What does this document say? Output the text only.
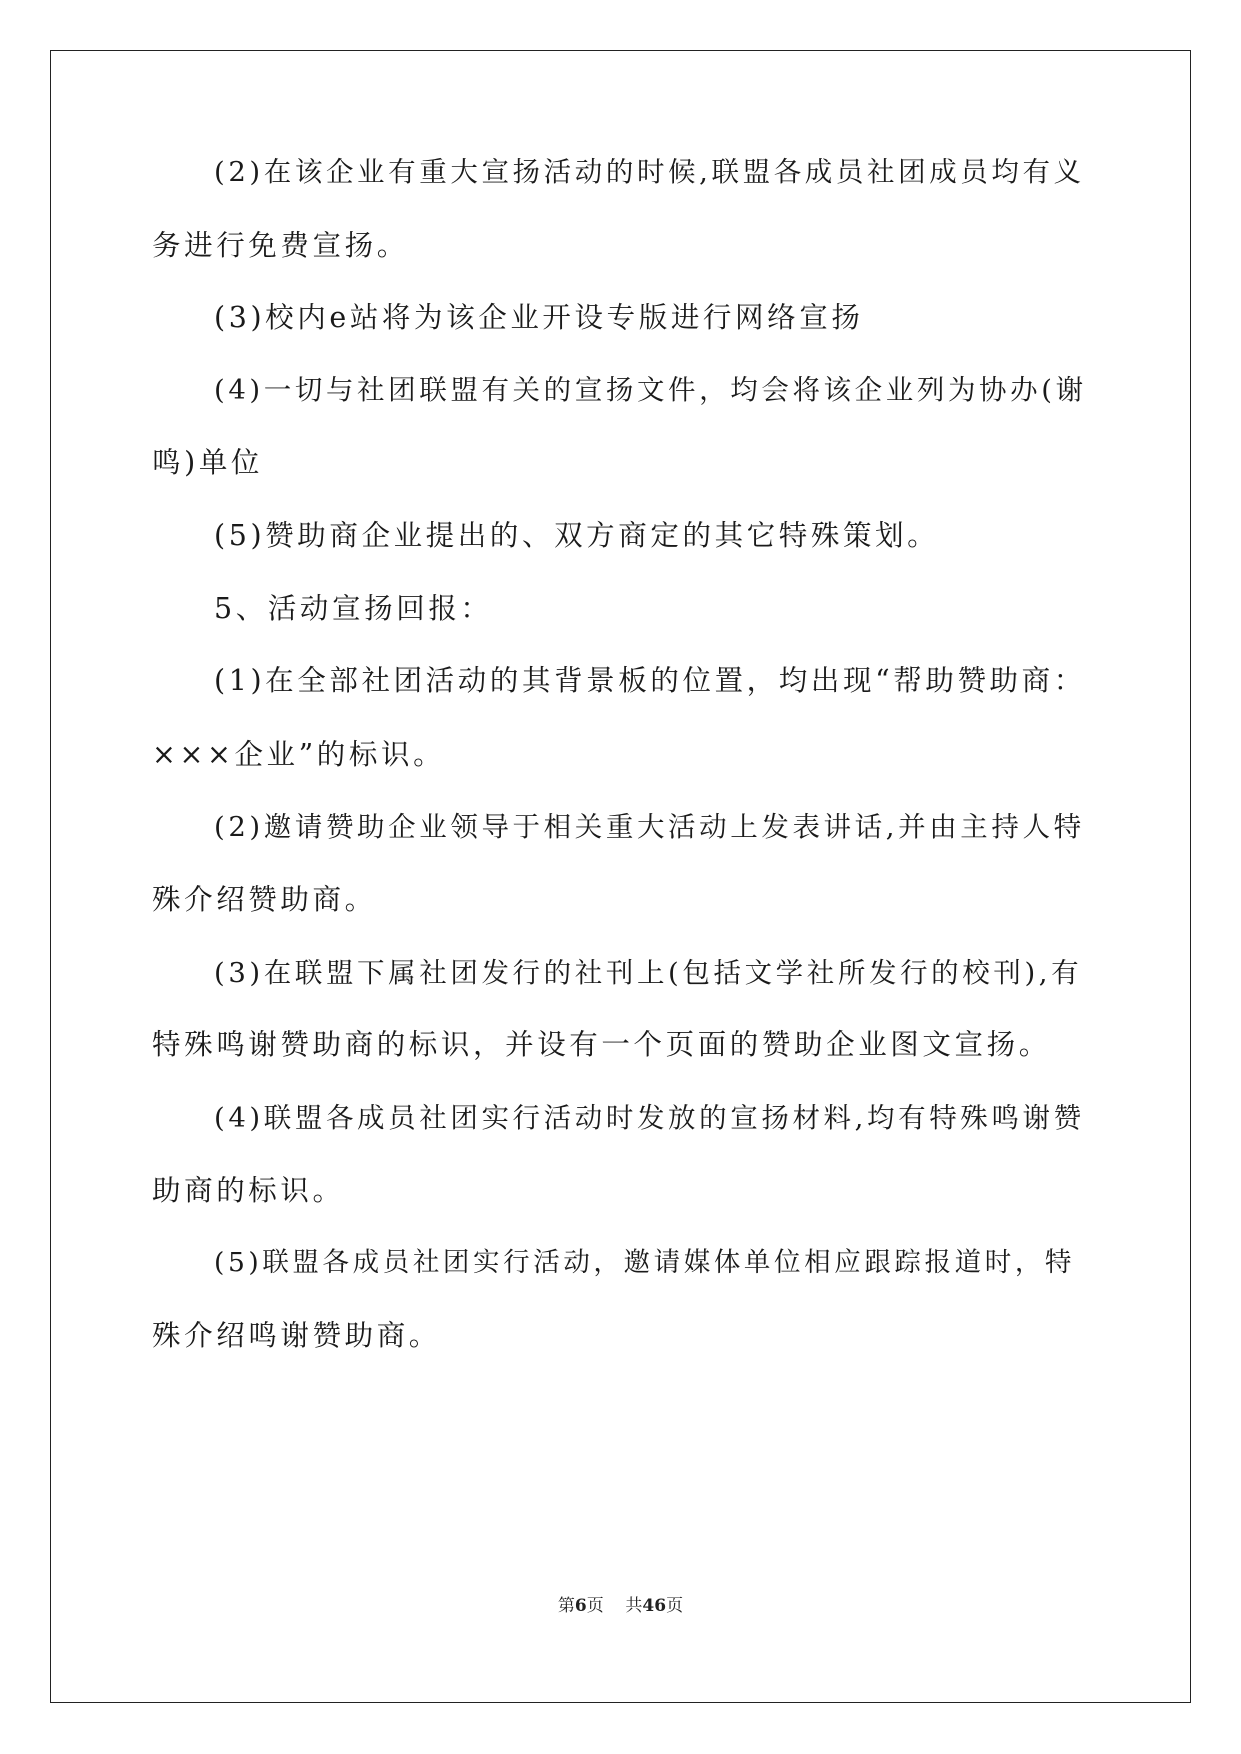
(2)在该企业有重大宣扬活动的时候,联盟各成员社团成员均有义
务进行免费宣扬。
(3)校内e站将为该企业开设专版进行网络宣扬
(4)一切与社团联盟有关的宣扬文件，均会将该企业列为协办(谢
鸣)单位
(5)赞助商企业提出的、双方商定的其它特殊策划。
5、活动宣扬回报：
(1)在全部社团活动的其背景板的位置，均出现“帮助赞助商：
×××企业”的标识。
(2)邀请赞助企业领导于相关重大活动上发表讲话,并由主持人特
殊介绍赞助商。
(3)在联盟下属社团发行的社刊上(包括文学社所发行的校刊),有
特殊鸣谢赞助商的标识，并设有一个页面的赞助企业图文宣扬。
(4)联盟各成员社团实行活动时发放的宣扬材料,均有特殊鸣谢赞
助商的标识。
(5)联盟各成员社团实行活动，邀请媒体单位相应跟踪报道时，特
殊介绍鸣谢赞助商。
第6页 共46页
